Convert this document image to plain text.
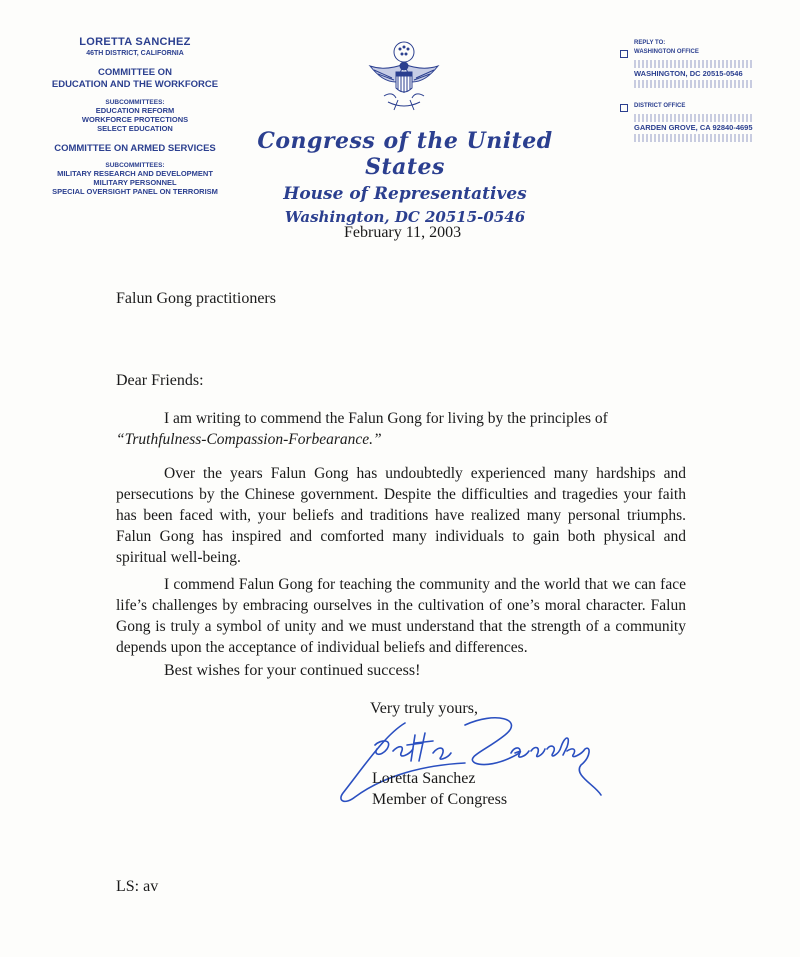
LORETTA SANCHEZ
46TH DISTRICT, CALIFORNIA
COMMITTEE ON
EDUCATION AND THE WORKFORCE
SUBCOMMITTEES:
EDUCATION REFORM
WORKFORCE PROTECTIONS
SELECT EDUCATION
COMMITTEE ON ARMED SERVICES
SUBCOMMITTEES:
MILITARY RESEARCH AND DEVELOPMENT
MILITARY PERSONNEL
SPECIAL OVERSIGHT PANEL ON TERRORISM
Congress of the United States
House of Representatives
Washington, DC 20515-0546
REPLY TO:
WASHINGTON OFFICE
WASHINGTON, DC 20515-0546
DISTRICT OFFICE
GARDEN GROVE, CA 92840-4695
February 11, 2003
Falun Gong practitioners
Dear Friends:
I am writing to commend the Falun Gong for living by the principles of
“Truthfulness-Compassion-Forbearance.”
Over the years Falun Gong has undoubtedly experienced many hardships and persecutions by the Chinese government. Despite the difficulties and tragedies your faith has been faced with, your beliefs and traditions have realized many personal triumphs. Falun Gong has inspired and comforted many individuals to gain both physical and spiritual well-being.
I commend Falun Gong for teaching the community and the world that we can face life’s challenges by embracing ourselves in the cultivation of one’s moral character. Falun Gong is truly a symbol of unity and we must understand that the strength of a community depends upon the acceptance of individual beliefs and differences.
Best wishes for your continued success!
Very truly yours,
Loretta Sanchez
Member of Congress
LS: av
